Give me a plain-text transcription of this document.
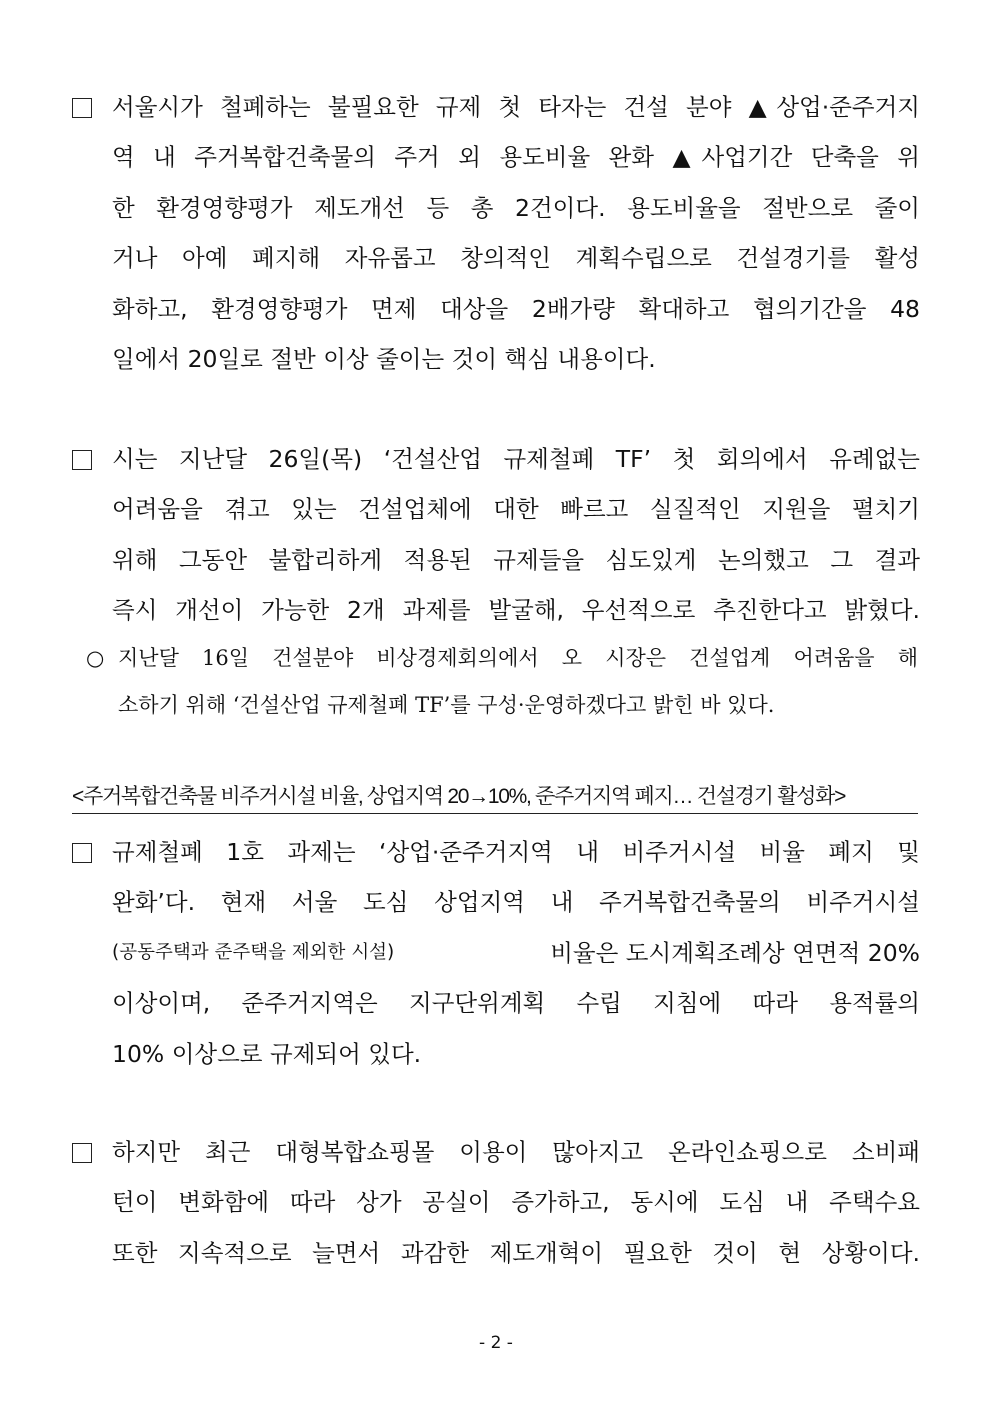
서울시가 철폐하는 불필요한 규제 첫 타자는 건설 분야 ▲상업·준주거지
역 내 주거복합건축물의 주거 외 용도비율 완화 ▲사업기간 단축을 위
한 환경영향평가 제도개선 등 총 2건이다. 용도비율을 절반으로 줄이
거나 아예 폐지해 자유롭고 창의적인 계획수립으로 건설경기를 활성
화하고, 환경영향평가 면제 대상을 2배가량 확대하고 협의기간을 48
일에서 20일로 절반 이상 줄이는 것이 핵심 내용이다.
시는 지난달 26일(목) ‘건설산업 규제철폐 TF’ 첫 회의에서 유례없는
어려움을 겪고 있는 건설업체에 대한 빠르고 실질적인 지원을 펼치기
위해 그동안 불합리하게 적용된 규제들을 심도있게 논의했고 그 결과
즉시 개선이 가능한 2개 과제를 발굴해, 우선적으로 추진한다고 밝혔다.
○ 지난달 16일 건설분야 비상경제회의에서 오 시장은 건설업계 어려움을 해
소하기 위해 ‘건설산업 규제철폐 TF’를 구성·운영하겠다고 밝힌 바 있다.
<주거복합건축물 비주거시설 비율, 상업지역 20→10%, 준주거지역 폐지… 건설경기 활성화>
규제철폐 1호 과제는 ‘상업·준주거지역 내 비주거시설 비율 폐지 및
완화’다. 현재 서울 도심 상업지역 내 주거복합건축물의 비주거시설
(공동주택과 준주택을 제외한 시설)	비율은 도시계획조례상 연면적 20%
이상이며, 준주거지역은 지구단위계획 수립 지침에 따라 용적률의
10% 이상으로 규제되어 있다.
하지만 최근 대형복합쇼핑몰 이용이 많아지고 온라인쇼핑으로 소비패
턴이 변화함에 따라 상가 공실이 증가하고, 동시에 도심 내 주택수요
또한 지속적으로 늘면서 과감한 제도개혁이 필요한 것이 현 상황이다.
- 2 -
